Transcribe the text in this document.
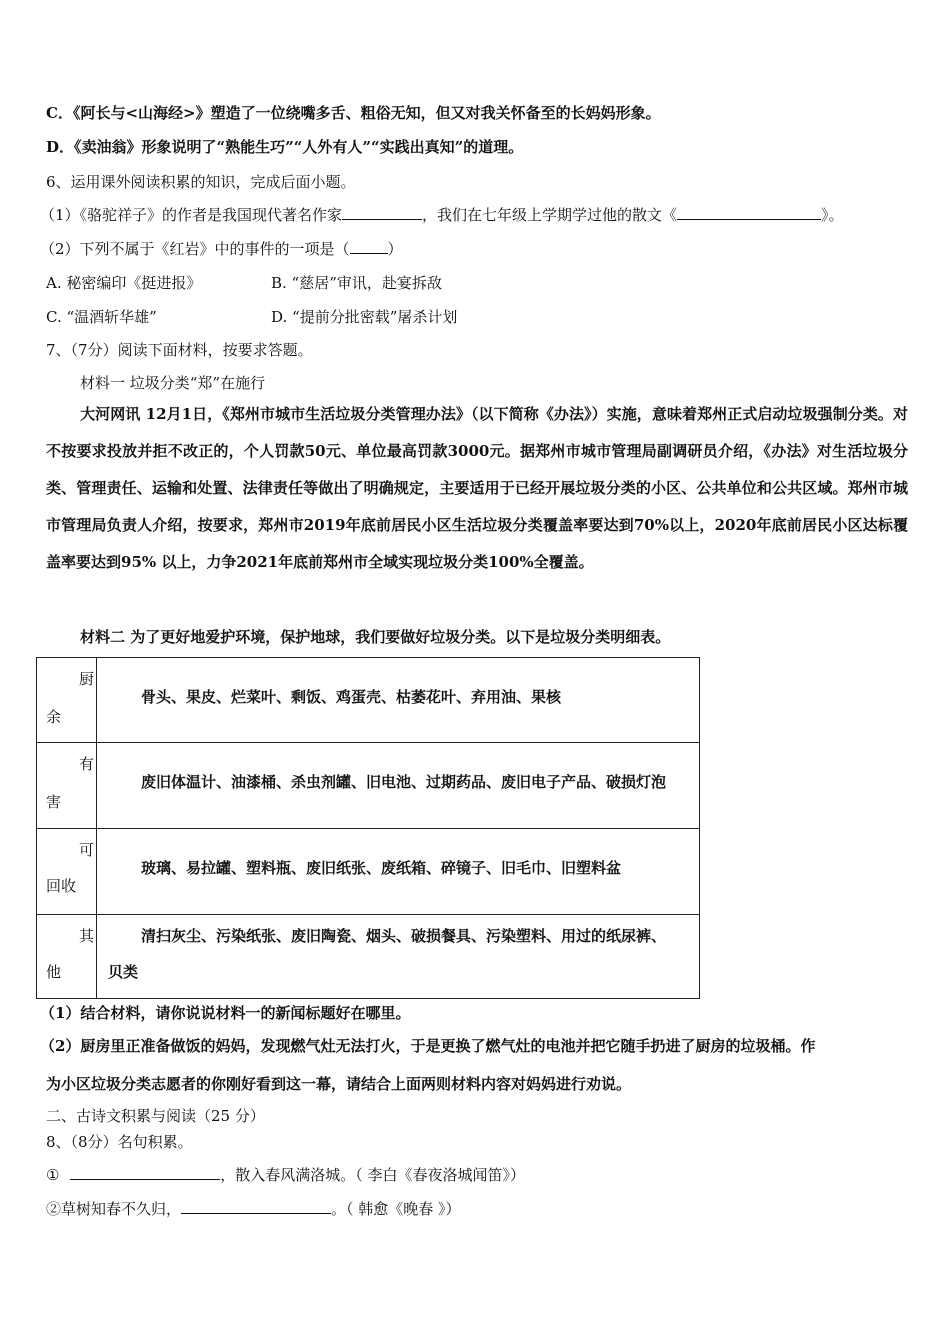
C．《阿长与<山海经>》塑造了一位绕嘴多舌、粗俗无知，但又对我关怀备至的长妈妈形象。
D．《卖油翁》形象说明了“熟能生巧”“人外有人”“实践出真知”的道理。
6、运用课外阅读积累的知识，完成后面小题。
（1）《骆驼祥子》的作者是我国现代著名作家	，我们在七年级上学期学过他的散文《	》。
（2）下列不属于《红岩》中的事件的一项是（	）
A. 秘密编印《挺进报》	B. “慈居”审讯，赴宴拆敌
C. “温酒斩华雄”	D. “提前分批密载”屠杀计划
7、（7分）阅读下面材料，按要求答题。
材料一 垃圾分类“郑”在施行
大河网讯 12月1日，《郑州市城市生活垃圾分类管理办法》（以下简称《办法》）实施，意味着郑州正式启动垃圾强制分类。对不按要求投放并拒不改正的，个人罚款50元、单位最高罚款3000元。据郑州市城市管理局副调研员介绍，《办法》对生活垃圾分类、管理责任、运输和处置、法律责任等做出了明确规定，主要适用于已经开展垃圾分类的小区、公共单位和公共区域。郑州市城市管理局负责人介绍，按要求，郑州市2019年底前居民小区生活垃圾分类覆盖率要达到70%以上，2020年底前居民小区达标覆盖率要达到95% 以上，力争2021年底前郑州市全域实现垃圾分类100%全覆盖。
材料二 为了更好地爱护环境，保护地球，我们要做好垃圾分类。以下是垃圾分类明细表。
厨
余	骨头、果皮、烂菜叶、剩饭、鸡蛋壳、枯萎花叶、弃用油、果核

有
害	废旧体温计、油漆桶、杀虫剂罐、旧电池、过期药品、废旧电子产品、破损灯泡

可
回收	玻璃、易拉罐、塑料瓶、废旧纸张、废纸箱、碎镜子、旧毛巾、旧塑料盆

其
他	清扫灰尘、污染纸张、废旧陶瓷、烟头、破损餐具、污染塑料、用过的纸尿裤、
贝类
（1）结合材料，请你说说材料一的新闻标题好在哪里。
（2）厨房里正准备做饭的妈妈，发现燃气灶无法打火，于是更换了燃气灶的电池并把它随手扔进了厨房的垃圾桶。作
为小区垃圾分类志愿者的你刚好看到这一幕，请结合上面两则材料内容对妈妈进行劝说。
二、古诗文积累与阅读（25 分）
8、（8分）名句积累。
①	，散入春风满洛城。（ 李白《春夜洛城闻笛》）
②草树知春不久归，	。（ 韩愈《晚春 》）
